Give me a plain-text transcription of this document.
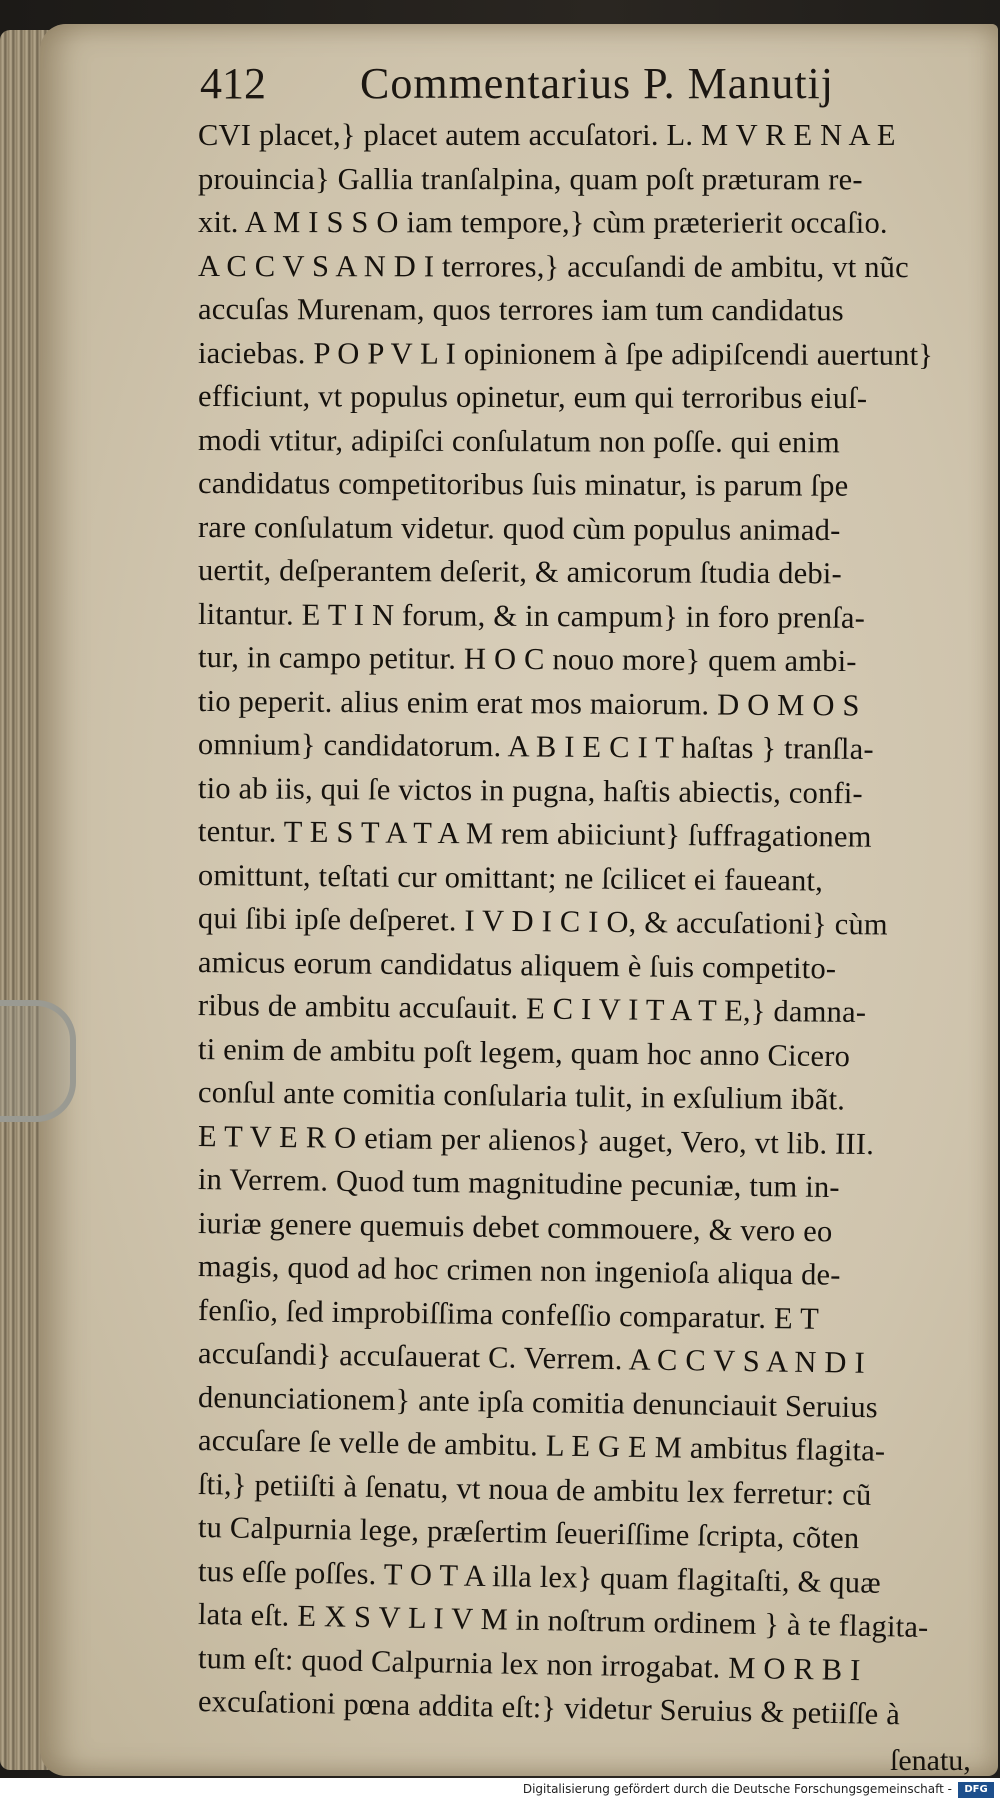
412 Commentarius P. Manutij
CVI placet,} placet autem accuſatori. L. M V R E N A E
prouincia} Gallia tranſalpina, quam poſt præturam re-
xit. A M I S S O iam tempore,} cùm præterierit occaſio.
A C C V S A N D I terrores,} accuſandi de ambitu, vt nũc
accuſas Murenam, quos terrores iam tum candidatus
iaciebas. P O P V L I opinionem à ſpe adipiſcendi auertunt}
efficiunt, vt populus opinetur, eum qui terroribus eiuſ-
modi vtitur, adipiſci conſulatum non poſſe. qui enim
candidatus competitoribus ſuis minatur, is parum ſpe
rare conſulatum videtur. quod cùm populus animad-
uertit, deſperantem deſerit, & amicorum ſtudia debi-
litantur. E T I N forum, & in campum} in foro prenſa-
tur, in campo petitur. H O C nouo more} quem ambi-
tio peperit. alius enim erat mos maiorum. D O M O S
omnium} candidatorum. A B I E C I T haſtas } tranſla-
tio ab iis, qui ſe victos in pugna, haſtis abiectis, confi-
tentur. T E S T A T A M rem abiiciunt} ſuffragationem
omittunt, teſtati cur omittant; ne ſcilicet ei faueant,
qui ſibi ipſe deſperet. I V D I C I O, & accuſationi} cùm
amicus eorum candidatus aliquem è ſuis competito-
ribus de ambitu accuſauit. E C I V I T A T E,} damna-
ti enim de ambitu poſt legem, quam hoc anno Cicero
conſul ante comitia conſularia tulit, in exſulium ibãt.
E T V E R O etiam per alienos} auget, Vero, vt lib. III.
in Verrem. Quod tum magnitudine pecuniæ, tum in-
iuriæ genere quemuis debet commouere, & vero eo
magis, quod ad hoc crimen non ingenioſa aliqua de-
fenſio, ſed improbiſſima confeſſio comparatur. E T
accuſandi} accuſauerat C. Verrem. A C C V S A N D I
denunciationem} ante ipſa comitia denunciauit Seruius
accuſare ſe velle de ambitu. L E G E M ambitus flagita-
ſti,} petiiſti à ſenatu, vt noua de ambitu lex ferretur: cũ
tu Calpurnia lege, præſertim ſeueriſſime ſcripta, cõten
tus eſſe poſſes. T O T A illa lex} quam flagitaſti, & quæ
lata eſt. E X S V L I V M in noſtrum ordinem } à te flagita-
tum eſt: quod Calpurnia lex non irrogabat. M O R B I
excuſationi pœna addita eſt:} videtur Seruius & petiiſſe à
ſenatu,
Digitalisierung gefördert durch die Deutsche Forschungsgemeinschaft -	DFG
